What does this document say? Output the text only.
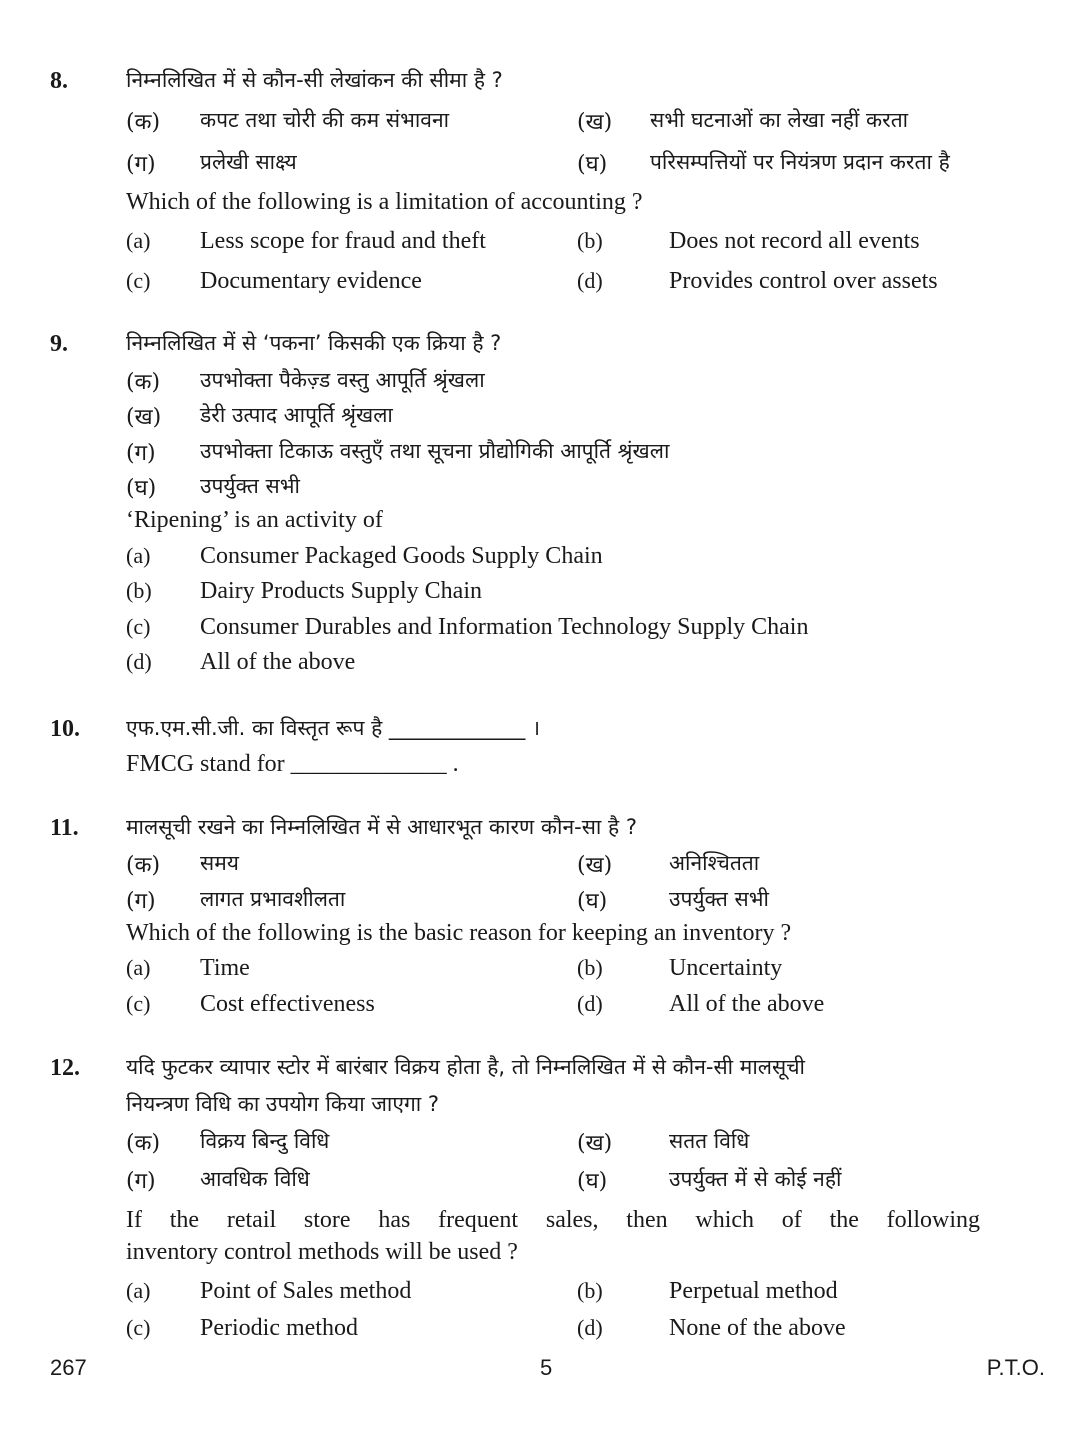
8.	निम्नलिखित में से कौन-सी लेखांकन की सीमा है ?
(क) कपट तथा चोरी की कम संभावना	(ख) सभी घटनाओं का लेखा नहीं करता
(ग) प्रलेखी साक्ष्य	(घ) परिसम्पत्तियों पर नियंत्रण प्रदान करता है
Which of the following is a limitation of accounting ?
(a) Less scope for fraud and theft	(b)	Does not record all events
(c) Documentary evidence	(d)	Provides control over assets
9.	निम्नलिखित में से ‘पकना’ किसकी एक क्रिया है ?
(क) उपभोक्ता पैकेज़्ड वस्तु आपूर्ति श्रृंखला
(ख) डेरी उत्पाद आपूर्ति श्रृंखला
(ग) उपभोक्ता टिकाऊ वस्तुएँ तथा सूचना प्रौद्योगिकी आपूर्ति श्रृंखला
(घ) उपर्युक्त सभी
‘Ripening’ is an activity of
(a) Consumer Packaged Goods Supply Chain
(b) Dairy Products Supply Chain
(c) Consumer Durables and Information Technology Supply Chain
(d) All of the above
10. एफ.एम.सी.जी. का विस्तृत रूप है _____________ ।
FMCG stand for _____________ .
11. मालसूची रखने का निम्नलिखित में से आधारभूत कारण कौन-सा है ?
(क) समय	(ख)	अनिश्चितता
(ग) लागत प्रभावशीलता	(घ)	उपर्युक्त सभी
Which of the following is the basic reason for keeping an inventory ?
(a) Time	(b)	Uncertainty
(c) Cost effectiveness	(d)	All of the above
12. यदि फुटकर व्यापार स्टोर में बारंबार विक्रय होता है, तो निम्नलिखित में से कौन-सी मालसूची
नियन्त्रण विधि का उपयोग किया जाएगा ?
(क) विक्रय बिन्दु विधि	(ख)	सतत विधि
(ग) आवधिक विधि	(घ)	उपर्युक्त में से कोई नहीं
If the retail store has frequent sales, then which of the following
inventory control methods will be used ?
(a) Point of Sales method	(b)	Perpetual method
(c) Periodic method	(d)	None of the above
267	5	P.T.O.
